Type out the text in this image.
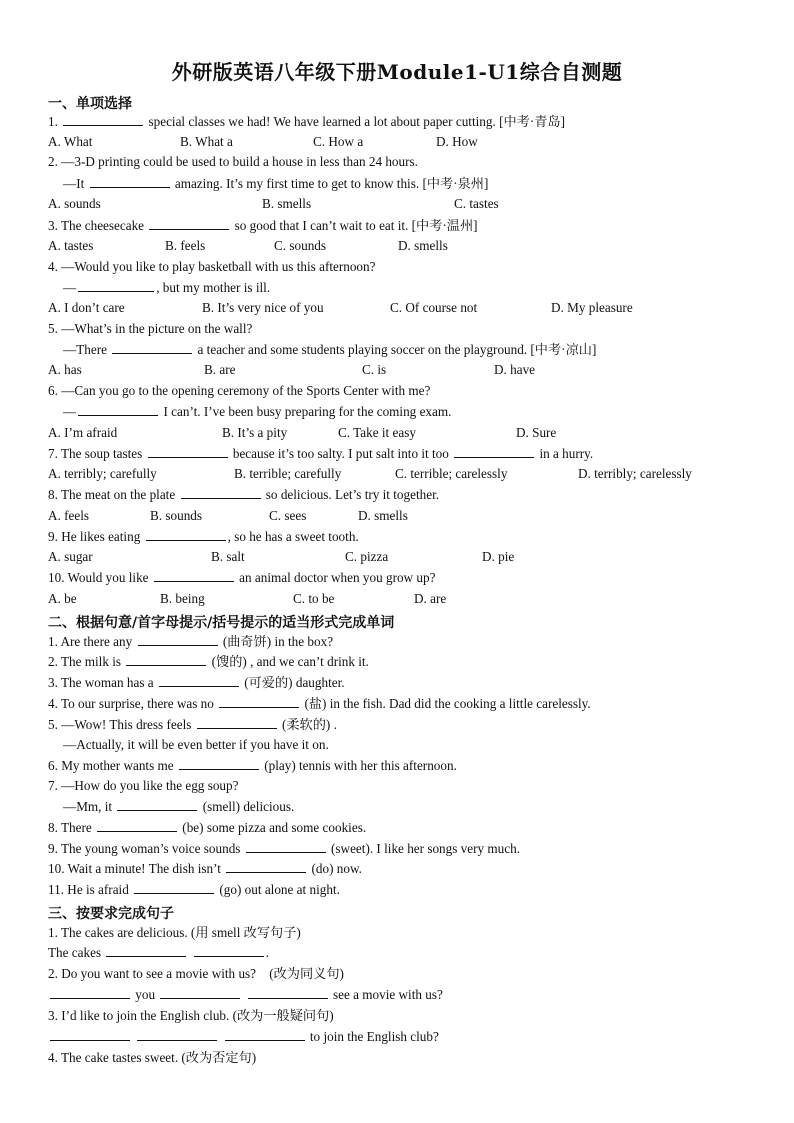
外研版英语八年级下册Module1-U1综合自测题
一、单项选择
1.	special classes we had! We have learned a lot about paper cutting. [中考·青岛]
A. What	B. What a	C. How a	D. How
2. —3-D printing could be used to build a house in less than 24 hours.
—It	amazing. It’s my first time to get to know this. [中考·泉州]
A. sounds	B. smells	C. tastes
3. The cheesecake	so good that I can’t wait to eat it. [中考·温州]
A. tastes	B. feels	C. sounds	D. smells
4. —Would you like to play basketball with us this afternoon?
—	, but my mother is ill.
A. I don’t care	B. It’s very nice of you	C. Of course not	D. My pleasure
5. —What’s in the picture on the wall?
—There	a teacher and some students playing soccer on the playground. [中考·凉山]
A. has	B. are	C. is	D. have
6. —Can you go to the opening ceremony of the Sports Center with me?
—	I can’t. I’ve been busy preparing for the coming exam.
A. I’m afraid	B. It’s a pity	C. Take it easy	D. Sure
7. The soup tastes	because it’s too salty. I put salt into it too	in a hurry.
A. terribly; carefully	B. terrible; carefully	C. terrible; carelessly	D. terribly; carelessly
8. The meat on the plate	so delicious. Let’s try it together.
A. feels	B. sounds	C. sees	D. smells
9. He likes eating	, so he has a sweet tooth.
A. sugar	B. salt	C. pizza	D. pie
10. Would you like	an animal doctor when you grow up?
A. be	B. being	C. to be	D. are
二、根据句意/首字母提示/括号提示的适当形式完成单词
1. Are there any	(曲奇饼) in the box?
2. The milk is	(馊的) , and we can’t drink it.
3. The woman has a	(可爱的) daughter.
4. To our surprise, there was no	(盐) in the fish. Dad did the cooking a little carelessly.
5. —Wow! This dress feels	(柔软的) .
—Actually, it will be even better if you have it on.
6. My mother wants me	(play) tennis with her this afternoon.
7. —How do you like the egg soup?
—Mm, it	(smell) delicious.
8. There	(be) some pizza and some cookies.
9. The young woman’s voice sounds	(sweet). I like her songs very much.
10. Wait a minute! The dish isn’t	(do) now.
11. He is afraid	(go) out alone at night.
三、按要求完成句子
1. The cakes are delicious. (用 smell 改写句子)
The cakes	.
2. Do you want to see a movie with us?　(改为同义句)
you	see a movie with us?
3. I’d like to join the English club. (改为一般疑问句)
to join the English club?
4. The cake tastes sweet. (改为否定句)
